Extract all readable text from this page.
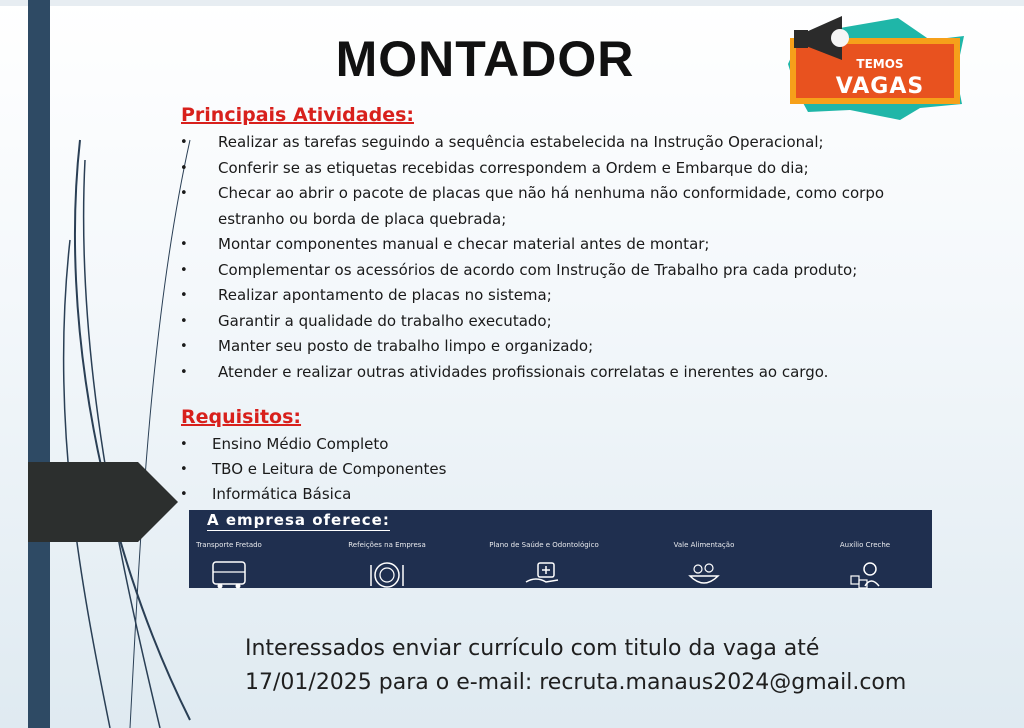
MONTADOR	TEMOS
VAGAS
Principais Atividades:
• Realizar as tarefas seguindo a sequência estabelecida na Instrução Operacional;
• Conferir se as etiquetas recebidas correspondem a Ordem e Embarque do dia;
• Checar ao abrir o pacote de placas que não há nenhuma não conformidade, como corpo estranho ou borda de placa quebrada;
• Montar componentes manual e checar material antes de montar;
• Complementar os acessórios de acordo com Instrução de Trabalho pra cada produto;
• Realizar apontamento de placas no sistema;
• Garantir a qualidade do trabalho executado;
• Manter seu posto de trabalho limpo e organizado;
• Atender e realizar outras atividades profissionais correlatas e inerentes ao cargo.
Requisitos:
• Ensino Médio Completo
• TBO e Leitura de Componentes
• Informática Básica
A empresa oferece:
Transporte Fretado	Refeições na Empresa	Plano de Saúde e Odontológico	Vale Alimentação	Auxílio Creche

Interessados enviar currículo com titulo da vaga até
17/01/2025 para o e-mail: recruta.manaus2024@gmail.com
